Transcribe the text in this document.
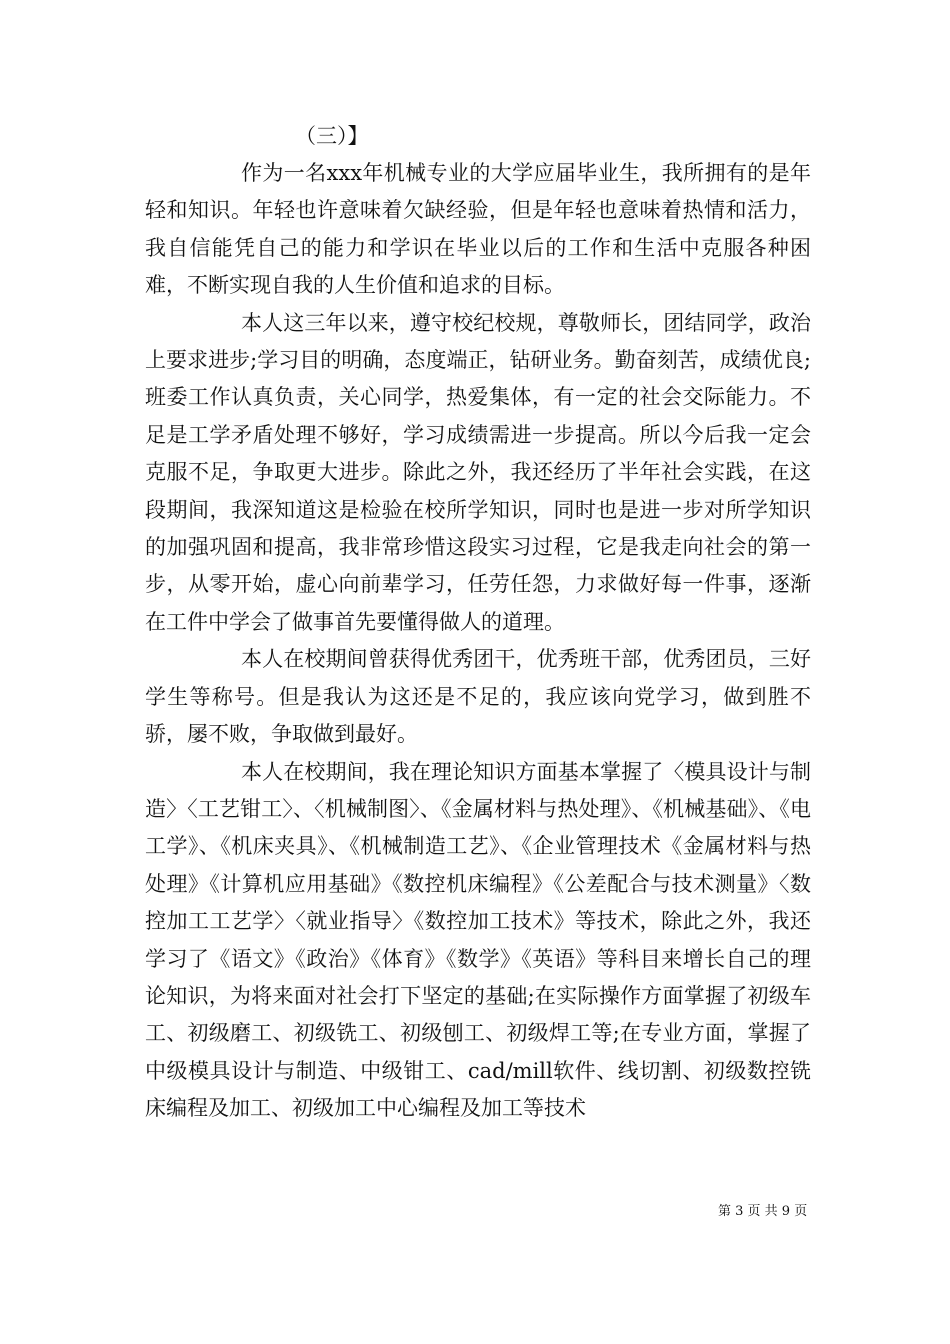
（三）】

作为一名xxx年机械专业的大学应届毕业生，我所拥有的是年轻和知识。年轻也许意味着欠缺经验，但是年轻也意味着热情和活力，我自信能凭自己的能力和学识在毕业以后的工作和生活中克服各种困难，不断实现自我的人生价值和追求的目标。

本人这三年以来，遵守校纪校规，尊敬师长，团结同学，政治上要求进步;学习目的明确，态度端正，钻研业务。勤奋刻苦，成绩优良;班委工作认真负责，关心同学，热爱集体，有一定的社会交际能力。不足是工学矛盾处理不够好，学习成绩需进一步提高。所以今后我一定会克服不足，争取更大进步。除此之外，我还经历了半年社会实践，在这段期间，我深知道这是检验在校所学知识，同时也是进一步对所学知识的加强巩固和提高，我非常珍惜这段实习过程，它是我走向社会的第一步，从零开始，虚心向前辈学习，任劳任怨，力求做好每一件事，逐渐在工件中学会了做事首先要懂得做人的道理。

本人在校期间曾获得优秀团干，优秀班干部，优秀团员，三好学生等称号。但是我认为这还是不足的，我应该向党学习，做到胜不骄，屡不败，争取做到最好。

本人在校期间，我在理论知识方面基本掌握了〈模具设计与制造〉〈工艺钳工〉、〈机械制图〉、《金属材料与热处理》、《机械基础》、《电工学》、《机床夹具》、《机械制造工艺》、《企业管理技术《金属材料与热处理》《计算机应用基础》《数控机床编程》《公差配合与技术测量》〈数控加工工艺学〉〈就业指导〉《数控加工技术》等技术，除此之外，我还学习了《语文》《政治》《体育》《数学》《英语》等科目来增长自己的理论知识，为将来面对社会打下坚定的基础;在实际操作方面掌握了初级车工、初级磨工、初级铣工、初级刨工、初级焊工等;在专业方面，掌握了中级模具设计与制造、中级钳工、cad/mill软件、线切割、初级数控铣床编程及加工、初级加工中心编程及加工等技术

第 3 页 共 9 页
